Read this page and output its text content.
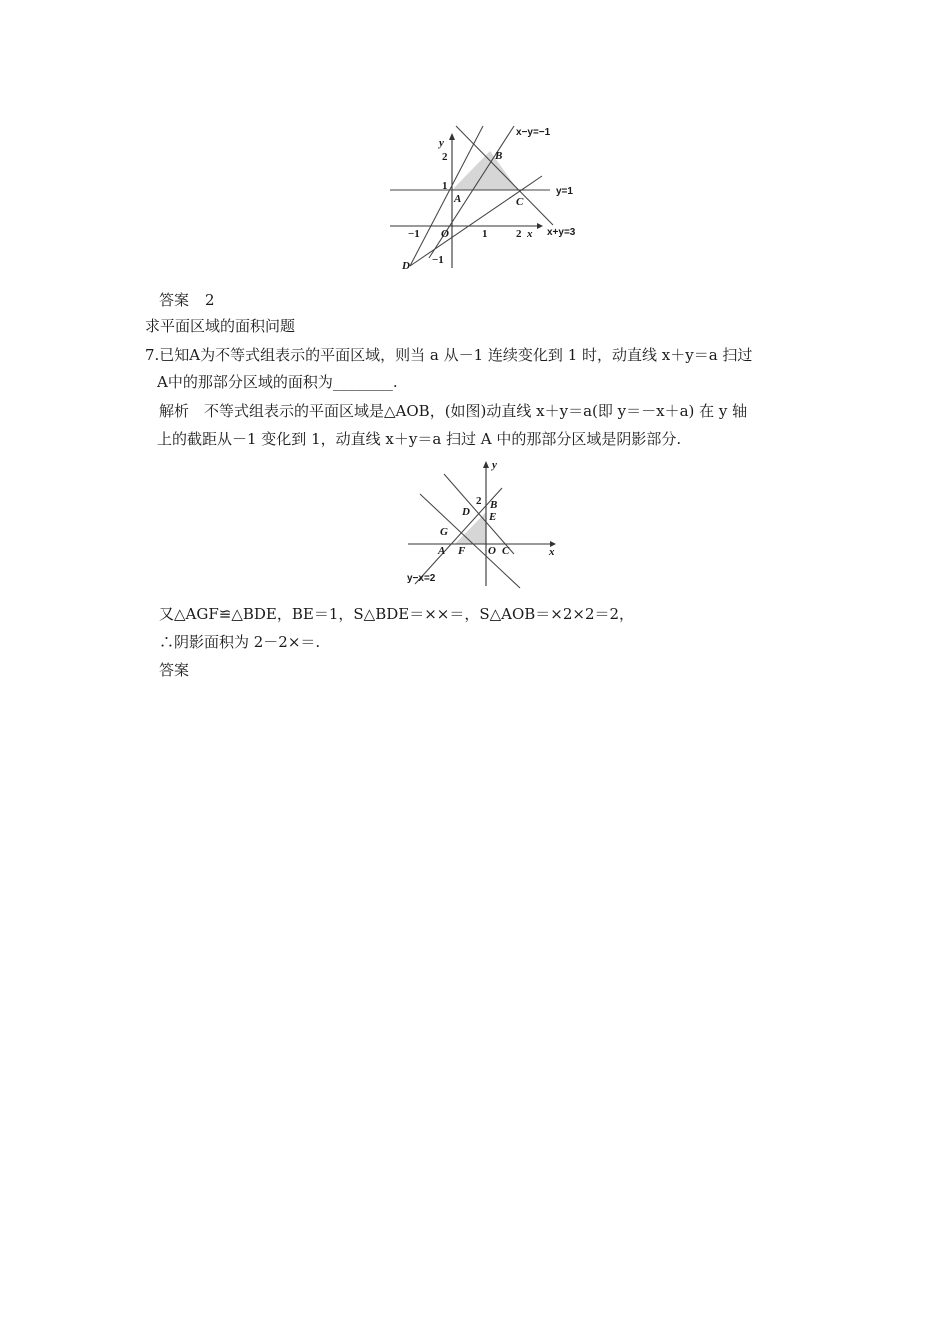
y
x
2
1
−1
−1 O	1	2
A
B
C
D
x−y=−1
y=1
x+y=3
答案 2
求平面区域的面积问题
7.已知A为不等式组表示的平面区域，则当 a 从－1 连续变化到 1 时，动直线 x＋y＝a 扫过
A中的那部分区域的面积为________.
解析　不等式组表示的平面区域是△AOB，(如图)动直线 x＋y＝a(即 y＝－x＋a) 在 y 轴
上的截距从－1 变化到 1，动直线 x＋y＝a 扫过 A 中的那部分区域是阴影部分.
y
x
2 B
D E
G
A F O C
y−x=2
又△AGF≌△BDE，BE＝1，S△BDE＝××＝，S△AOB＝×2×2＝2，
∴阴影面积为 2－2×＝.
答案
